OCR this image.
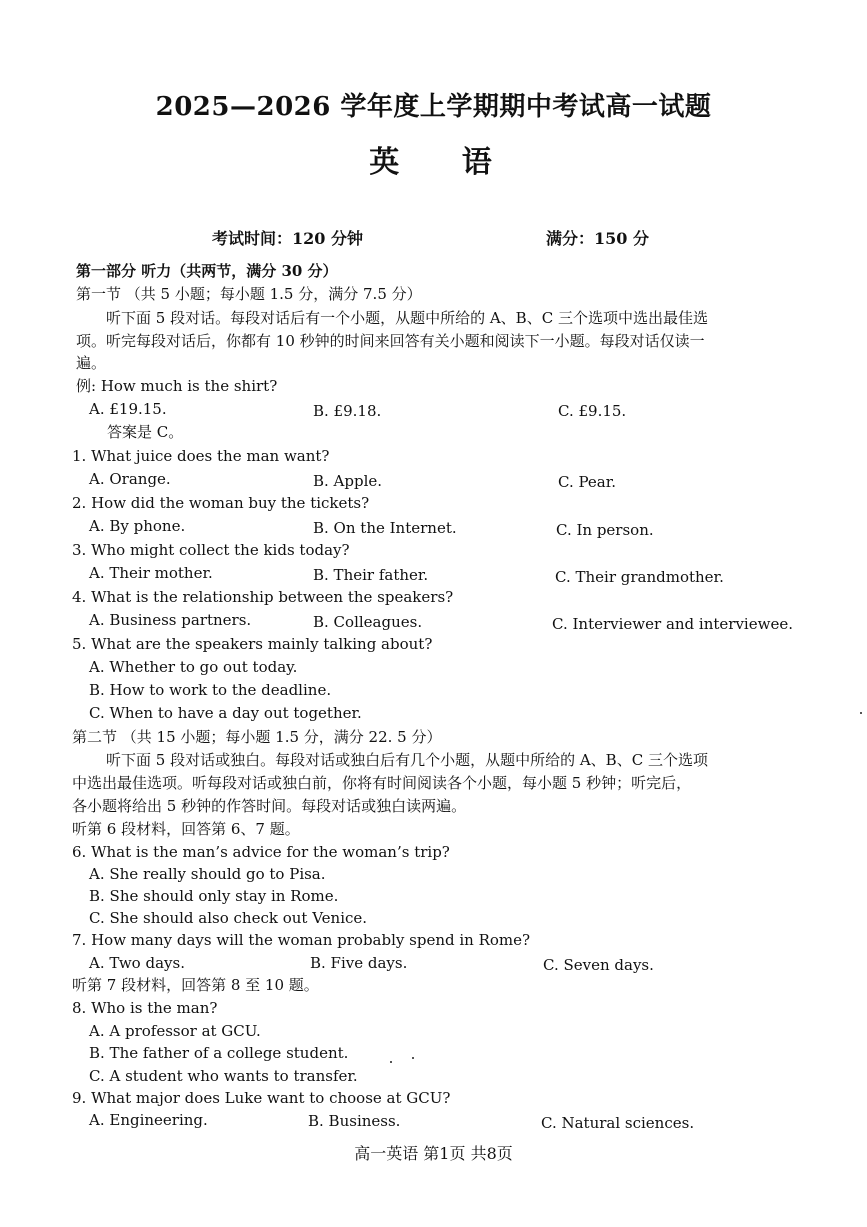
2025—2026 学年度上学期期中考试高一试题
英 语
考试时间：120 分钟	满分：150 分
第一部分 听力（共两节，满分 30 分）
第一节 （共 5 小题；每小题 1.5 分，满分 7.5 分）
听下面 5 段对话。每段对话后有一个小题，从题中所给的 A、B、C 三个选项中选出最佳选
项。听完每段对话后，你都有 10 秒钟的时间来回答有关小题和阅读下一小题。每段对话仅读一
遍。
例: How much is the shirt?
A. £19.15.	B. £9.18.	C. £9.15.
答案是 C。
1. What juice does the man want?
A. Orange.	B. Apple.	C. Pear.
2. How did the woman buy the tickets?
A. By phone.	B. On the Internet.	C. In person.
3. Who might collect the kids today?
A. Their mother.	B. Their father.	C. Their grandmother.
4. What is the relationship between the speakers?
A. Business partners.	B. Colleagues.	C. Interviewer and interviewee.
5. What are the speakers mainly talking about?
A. Whether to go out today.
B. How to work to the deadline.
C. When to have a day out together.
第二节 （共 15 小题；每小题 1.5 分，满分 22. 5 分）
听下面 5 段对话或独白。每段对话或独白后有几个小题，从题中所给的 A、B、C 三个选项
中选出最佳选项。听每段对话或独白前，你将有时间阅读各个小题，每小题 5 秒钟；听完后，
各小题将给出 5 秒钟的作答时间。每段对话或独白读两遍。
听第 6 段材料，回答第 6、7 题。
6. What is the man’s advice for the woman’s trip?
A. She really should go to Pisa.
B. She should only stay in Rome.
C. She should also check out Venice.
7. How many days will the woman probably spend in Rome?
A. Two days.	B. Five days.	C. Seven days.
听第 7 段材料，回答第 8 至 10 题。
8. Who is the man?
A. A professor at GCU.
B. The father of a college student.
C. A student who wants to transfer.
9. What major does Luke want to choose at GCU?
A. Engineering.	B. Business.	C. Natural sciences.
高一英语 第1页 共8页
